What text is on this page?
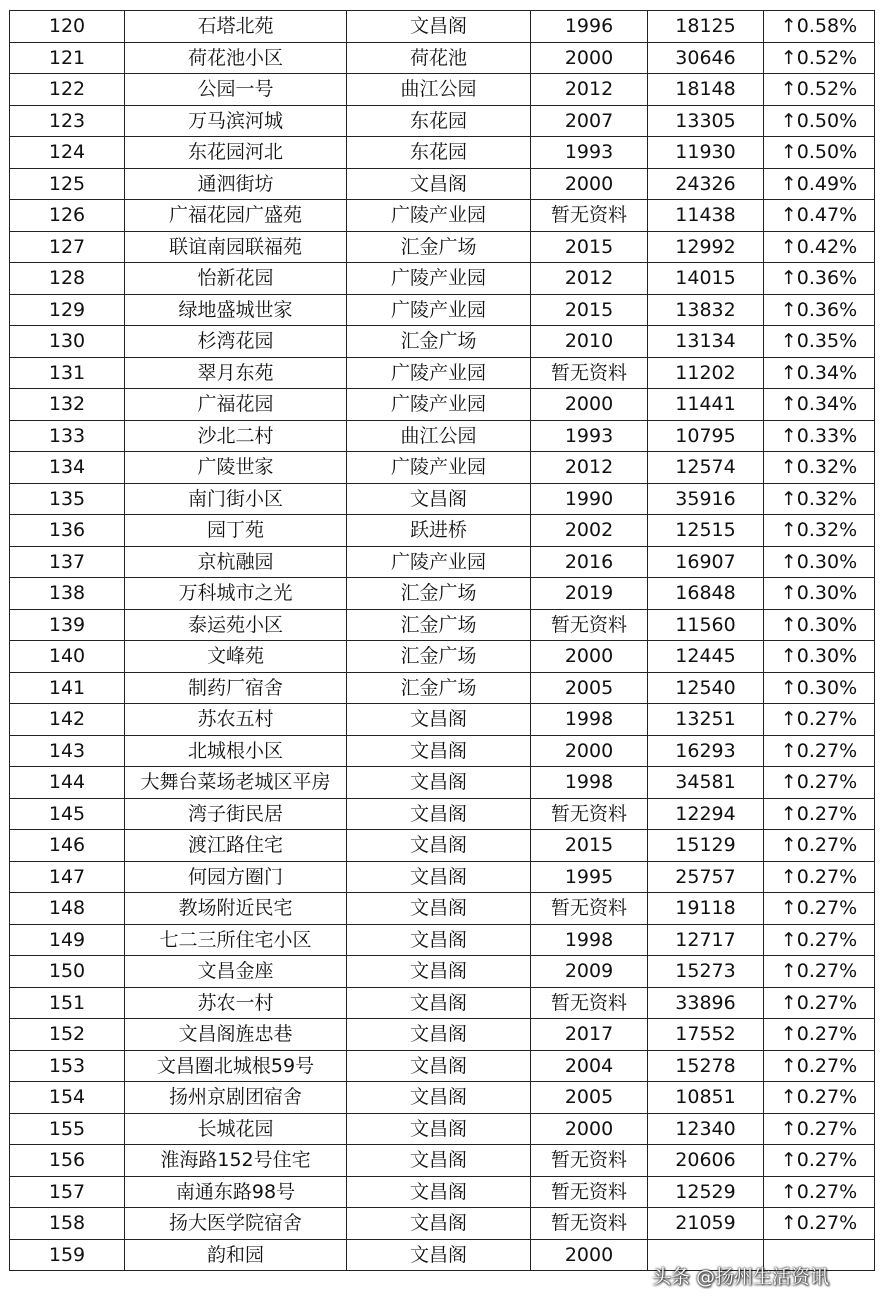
120	石塔北苑	文昌阁	1996	18125	↑0.58%
121	荷花池小区	荷花池	2000	30646	↑0.52%
122	公园一号	曲江公园	2012	18148	↑0.52%
123	万马滨河城	东花园	2007	13305	↑0.50%
124	东花园河北	东花园	1993	11930	↑0.50%
125	通泗街坊	文昌阁	2000	24326	↑0.49%
126	广福花园广盛苑	广陵产业园	暂无资料	11438	↑0.47%
127	联谊南园联福苑	汇金广场	2015	12992	↑0.42%
128	怡新花园	广陵产业园	2012	14015	↑0.36%
129	绿地盛城世家	广陵产业园	2015	13832	↑0.36%
130	杉湾花园	汇金广场	2010	13134	↑0.35%
131	翠月东苑	广陵产业园	暂无资料	11202	↑0.34%
132	广福花园	广陵产业园	2000	11441	↑0.34%
133	沙北二村	曲江公园	1993	10795	↑0.33%
134	广陵世家	广陵产业园	2012	12574	↑0.32%
135	南门街小区	文昌阁	1990	35916	↑0.32%
136	园丁苑	跃进桥	2002	12515	↑0.32%
137	京杭融园	广陵产业园	2016	16907	↑0.30%
138	万科城市之光	汇金广场	2019	16848	↑0.30%
139	泰运苑小区	汇金广场	暂无资料	11560	↑0.30%
140	文峰苑	汇金广场	2000	12445	↑0.30%
141	制药厂宿舍	汇金广场	2005	12540	↑0.30%
142	苏农五村	文昌阁	1998	13251	↑0.27%
143	北城根小区	文昌阁	2000	16293	↑0.27%
144	大舞台菜场老城区平房	文昌阁	1998	34581	↑0.27%
145	湾子街民居	文昌阁	暂无资料	12294	↑0.27%
146	渡江路住宅	文昌阁	2015	15129	↑0.27%
147	何园方圈门	文昌阁	1995	25757	↑0.27%
148	教场附近民宅	文昌阁	暂无资料	19118	↑0.27%
149	七二三所住宅小区	文昌阁	1998	12717	↑0.27%
150	文昌金座	文昌阁	2009	15273	↑0.27%
151	苏农一村	文昌阁	暂无资料	33896	↑0.27%
152	文昌阁旌忠巷	文昌阁	2017	17552	↑0.27%
153	文昌圈北城根59号	文昌阁	2004	15278	↑0.27%
154	扬州京剧团宿舍	文昌阁	2005	10851	↑0.27%
155	长城花园	文昌阁	2000	12340	↑0.27%
156	淮海路152号住宅	文昌阁	暂无资料	20606	↑0.27%
157	南通东路98号	文昌阁	暂无资料	12529	↑0.27%
158	扬大医学院宿舍	文昌阁	暂无资料	21059	↑0.27%
159	韵和园	文昌阁	2000		
头条 @扬州生活资讯
